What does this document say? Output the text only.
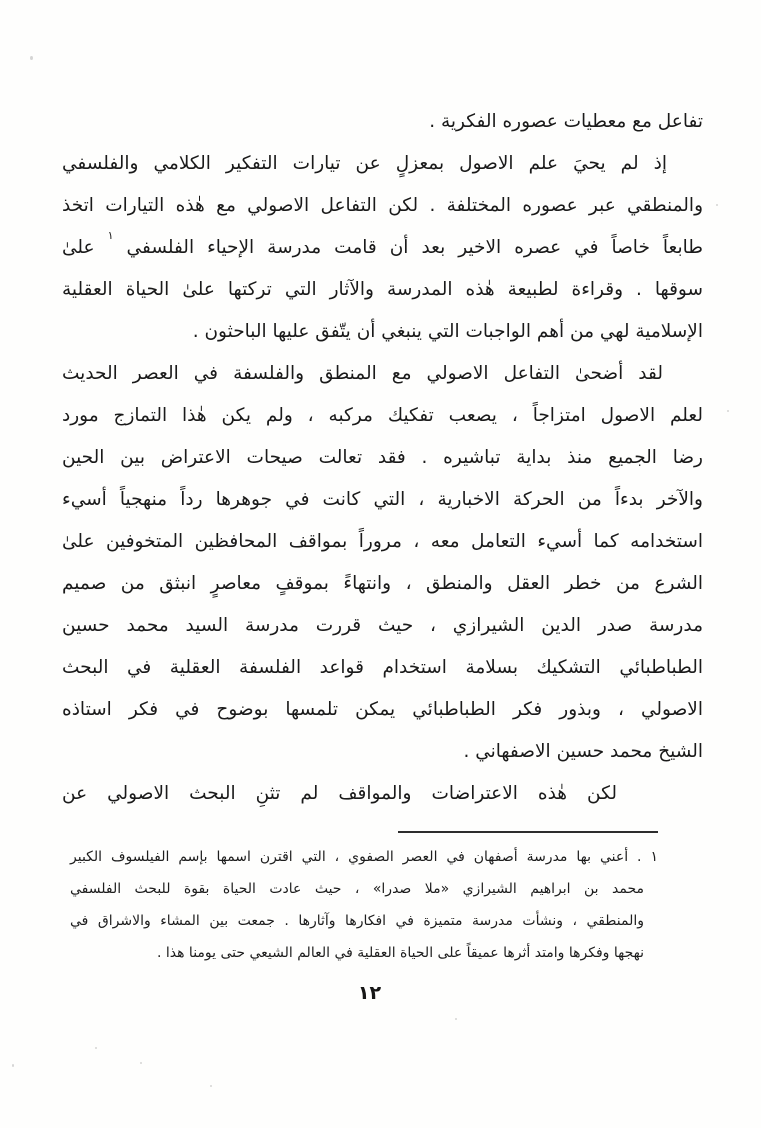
تفاعل مع معطيات عصوره الفكرية .
إذ لم يحيَ علم الاصول بمعزلٍ عن تيارات التفكير الكلامي والفلسفي
والمنطقي عبر عصوره المختلفة . لكن التفاعل الاصولي مع هٰذه التيارات اتخذ
طابعاً خاصاً في عصره الاخير بعد أن قامت مدرسة الإحياء الفلسفي $^١$ علىٰ
سوقها . وقراءة لطبيعة هٰذه المدرسة والآثار التي تركتها علىٰ الحياة العقلية
الإسلامية لهي من أهم الواجبات التي ينبغي أن يتّفق عليها الباحثون .
لقد أضحىٰ التفاعل الاصولي مع المنطق والفلسفة في العصر الحديث
لعلم الاصول امتزاجاً ، يصعب تفكيك مركبه ، ولم يكن هٰذا التمازج مورد
رضا الجميع منذ بداية تباشيره . فقد تعالت صيحات الاعتراض بين الحين
والآخر بدءاً من الحركة الاخبارية ، التي كانت في جوهرها رداً منهجياً أسيء
استخدامه كما أسيء التعامل معه ، مروراً بمواقف المحافظين المتخوفين علىٰ
الشرع من خطر العقل والمنطق ، وانتهاءً بموقفٍ معاصرٍ انبثق من صميم
مدرسة صدر الدين الشيرازي ، حيث قررت مدرسة السيد محمد حسين
الطباطبائي التشكيك بسلامة استخدام قواعد الفلسفة العقلية في البحث
الاصولي ، وبذور فكر الطباطبائي يمكن تلمسها بوضوح في فكر استاذه
الشيخ محمد حسين الاصفهاني .
لكن هٰذه الاعتراضات والمواقف لم تثنِ البحث الاصولي عن
١ . أعني بها مدرسة أصفهان في العصر الصفوي ، التي اقترن اسمها بإسم الفيلسوف الكبير
محمد بن ابراهيم الشيرازي «ملا صدرا» ، حيث عادت الحياة بقوة للبحث الفلسفي
والمنطقي ، ونشأت مدرسة متميزة في افكارها وآثارها . جمعت بين المشاء والاشراق في
نهجها وفكرها وامتد أثرها عميقاً على الحياة العقلية في العالم الشيعي حتى يومنا هذا .
١٢
